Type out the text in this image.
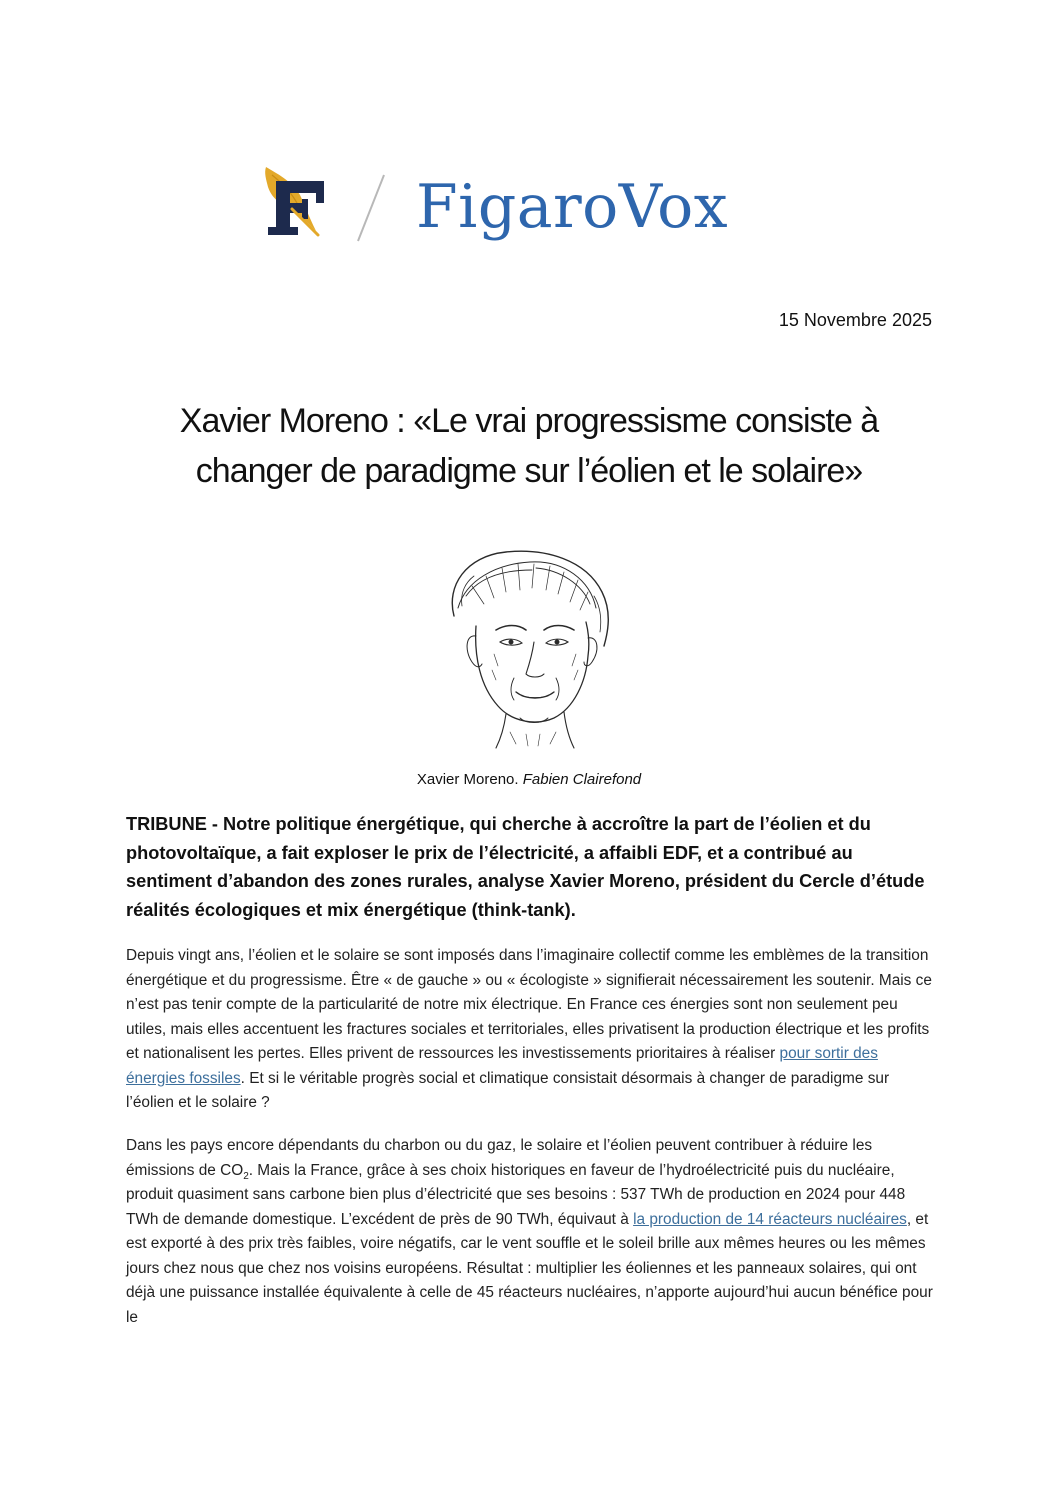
FigaroVox
15 Novembre 2025
Xavier Moreno : «Le vrai progressisme consiste à
changer de paradigme sur l’éolien et le solaire»
Xavier Moreno. Fabien Clairefond

TRIBUNE - Notre politique énergétique, qui cherche à accroître la part de l’éolien et du photovoltaïque, a fait exploser le prix de l’électricité, a affaibli EDF, et a contribué au sentiment d’abandon des zones rurales, analyse Xavier Moreno, président du Cercle d’étude réalités écologiques et mix énergétique (think-tank).

Depuis vingt ans, l’éolien et le solaire se sont imposés dans l’imaginaire collectif comme les emblèmes de la transition énergétique et du progressisme. Être « de gauche » ou « écologiste » signifierait nécessairement les soutenir. Mais ce n’est pas tenir compte de la particularité de notre mix électrique. En France ces énergies sont non seulement peu utiles, mais elles accentuent les fractures sociales et territoriales, elles privatisent la production électrique et les profits et nationalisent les pertes. Elles privent de ressources les investissements prioritaires à réaliser pour sortir des énergies fossiles. Et si le véritable progrès social et climatique consistait désormais à changer de paradigme sur l’éolien et le solaire ?

Dans les pays encore dépendants du charbon ou du gaz, le solaire et l’éolien peuvent contribuer à réduire les émissions de $CO_2$. Mais la France, grâce à ses choix historiques en faveur de l’hydroélectricité puis du nucléaire, produit quasiment sans carbone bien plus d’électricité que ses besoins : 537 TWh de production en 2024 pour 448 TWh de demande domestique. L’excédent de près de 90 TWh, équivaut à la production de 14 réacteurs nucléaires, et est exporté à des prix très faibles, voire négatifs, car le vent souffle et le soleil brille aux mêmes heures ou les mêmes jours chez nous que chez nos voisins européens. Résultat : multiplier les éoliennes et les panneaux solaires, qui ont déjà une puissance installée équivalente à celle de 45 réacteurs nucléaires, n’apporte aujourd’hui aucun bénéfice pour le
